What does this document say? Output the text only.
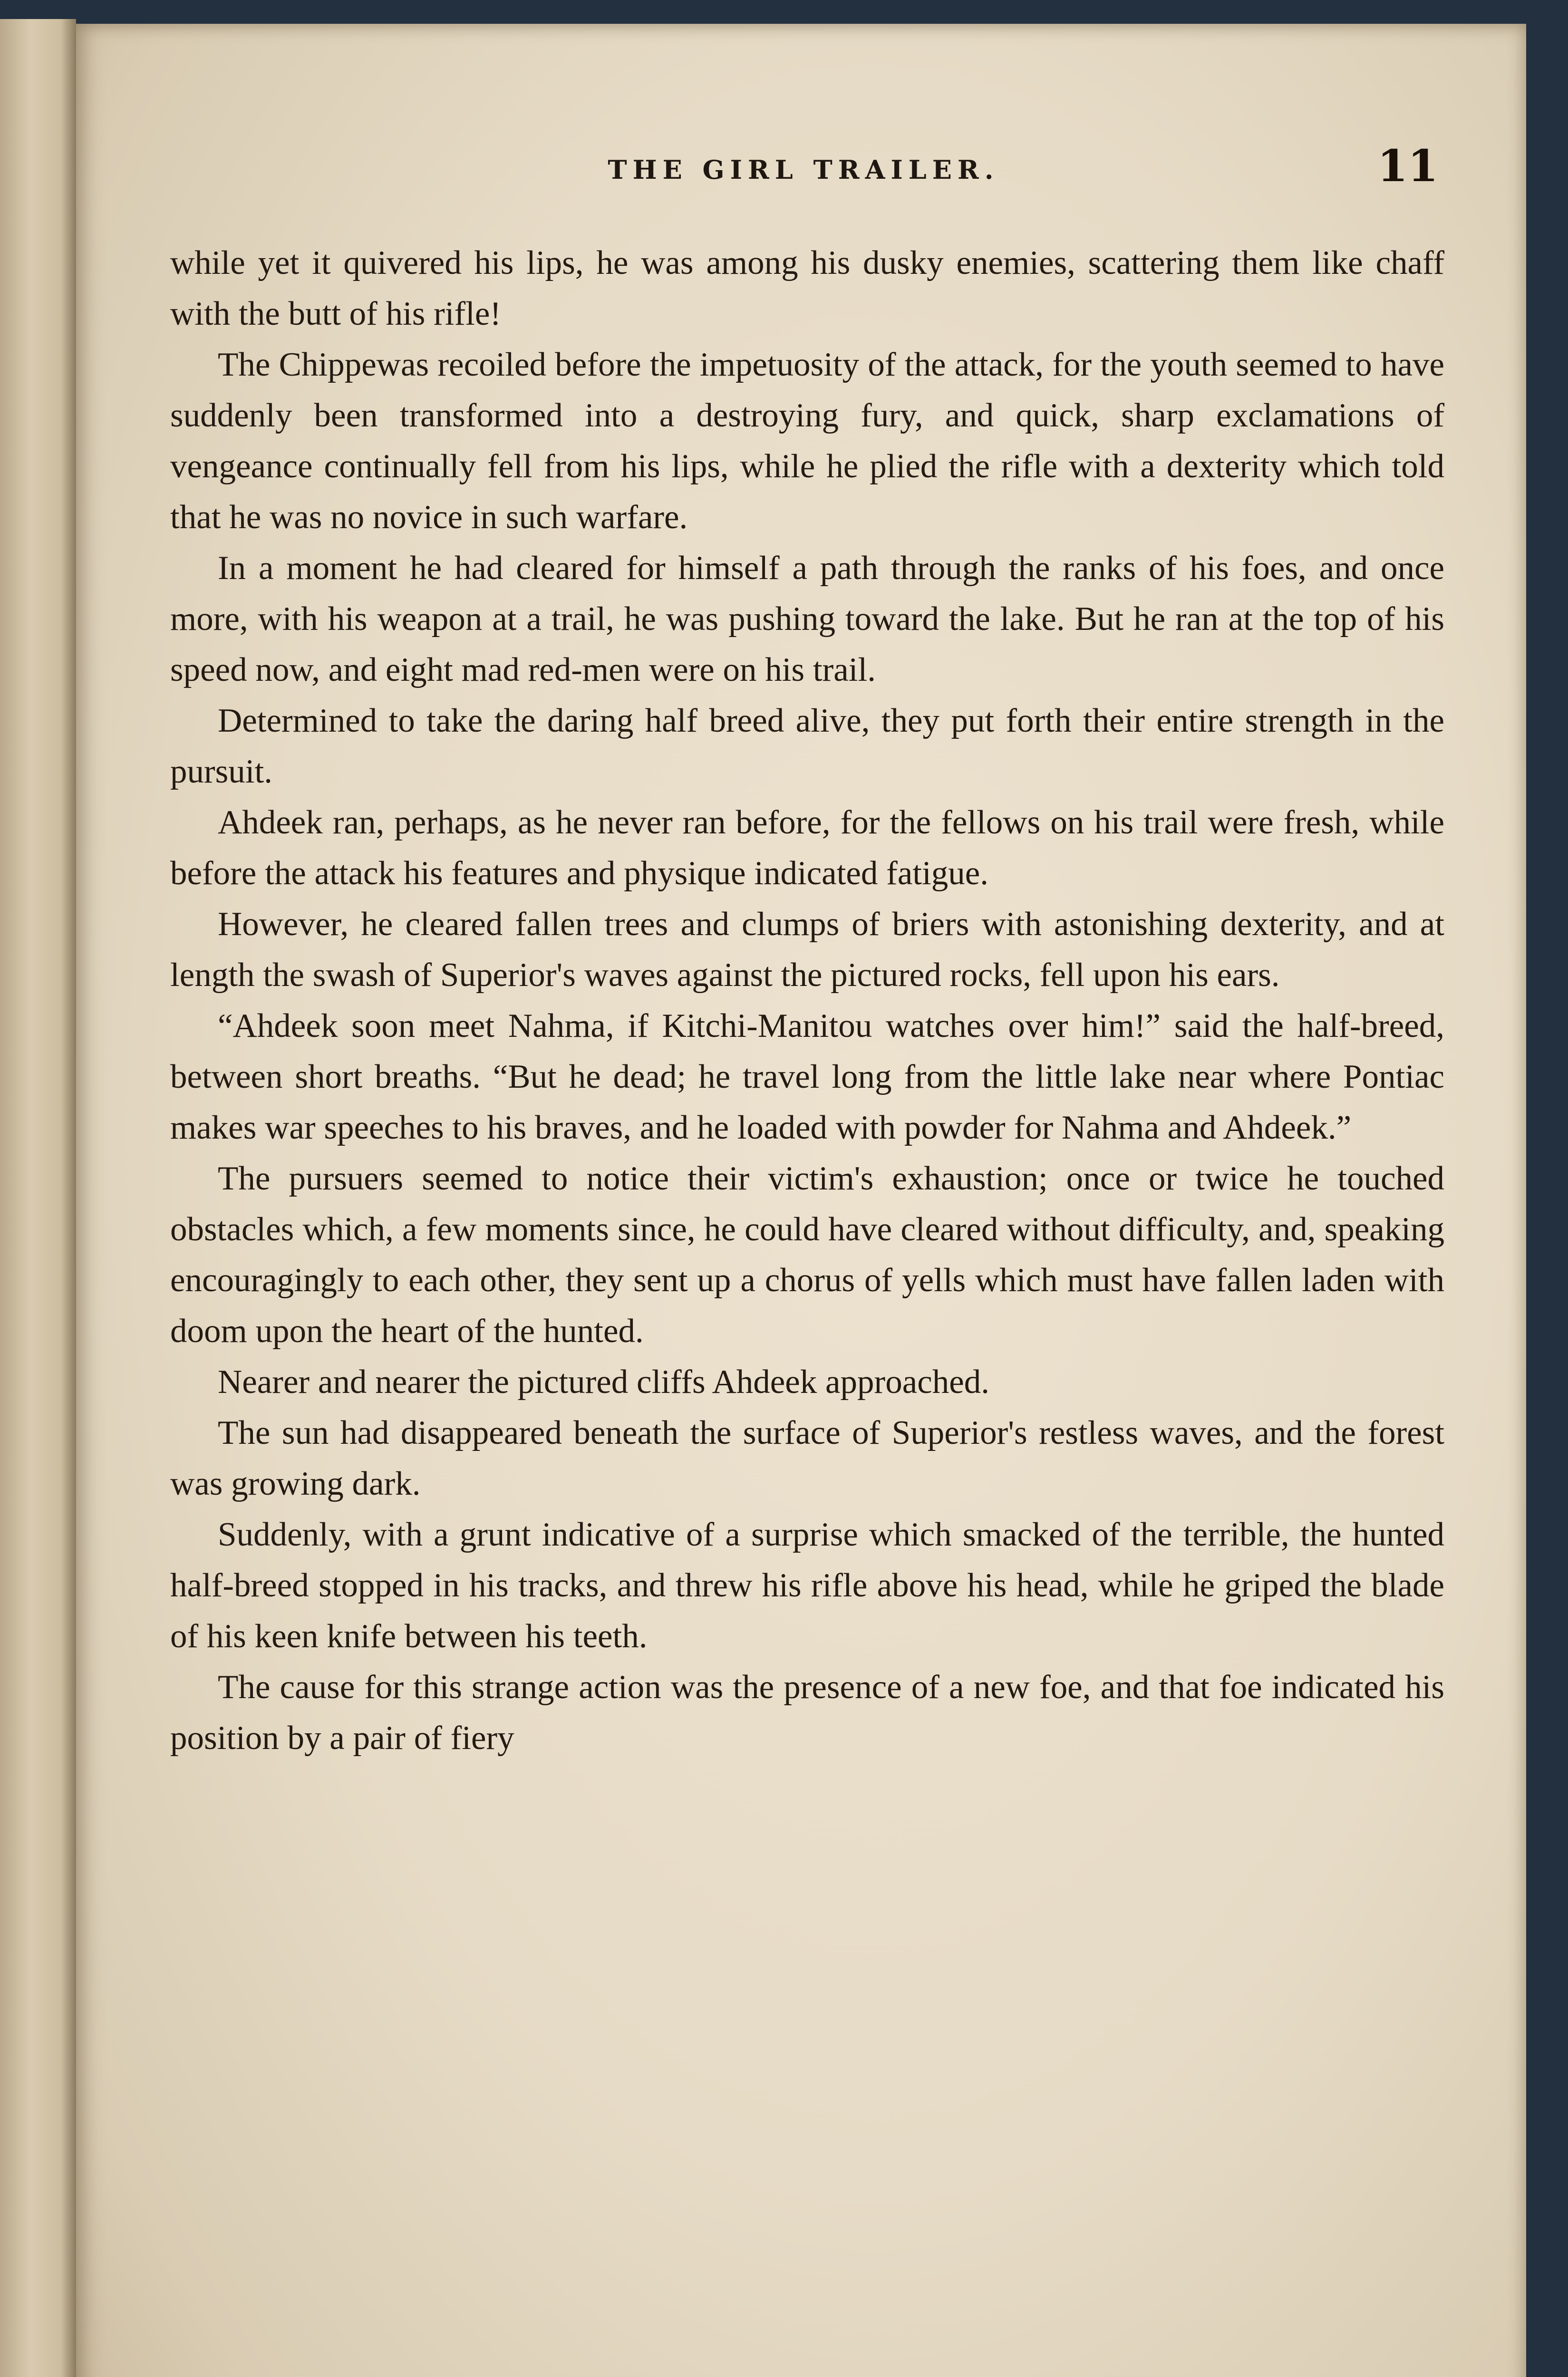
THE GIRL TRAILER.	11

while yet it quivered his lips, he was among his dusky enemies, scattering them like chaff with the butt of his rifle!

The Chippewas recoiled before the impetuosity of the attack, for the youth seemed to have suddenly been transformed into a destroying fury, and quick, sharp exclamations of vengeance continually fell from his lips, while he plied the rifle with a dexterity which told that he was no novice in such warfare.

In a moment he had cleared for himself a path through the ranks of his foes, and once more, with his weapon at a trail, he was pushing toward the lake. But he ran at the top of his speed now, and eight mad red-men were on his trail.

Determined to take the daring half breed alive, they put forth their entire strength in the pursuit.

Ahdeek ran, perhaps, as he never ran before, for the fellows on his trail were fresh, while before the attack his features and physique indicated fatigue.

However, he cleared fallen trees and clumps of briers with astonishing dexterity, and at length the swash of Superior's waves against the pictured rocks, fell upon his ears.

“Ahdeek soon meet Nahma, if Kitchi-Manitou watches over him!” said the half-breed, between short breaths. “But he dead; he travel long from the little lake near where Pontiac makes war speeches to his braves, and he loaded with powder for Nahma and Ahdeek.”

The pursuers seemed to notice their victim's exhaustion; once or twice he touched obstacles which, a few moments since, he could have cleared without difficulty, and, speaking encouragingly to each other, they sent up a chorus of yells which must have fallen laden with doom upon the heart of the hunted.

Nearer and nearer the pictured cliffs Ahdeek approached.

The sun had disappeared beneath the surface of Superior's restless waves, and the forest was growing dark.

Suddenly, with a grunt indicative of a surprise which smacked of the terrible, the hunted half-breed stopped in his tracks, and threw his rifle above his head, while he griped the blade of his keen knife between his teeth.

The cause for this strange action was the presence of a new foe, and that foe indicated his position by a pair of fiery
